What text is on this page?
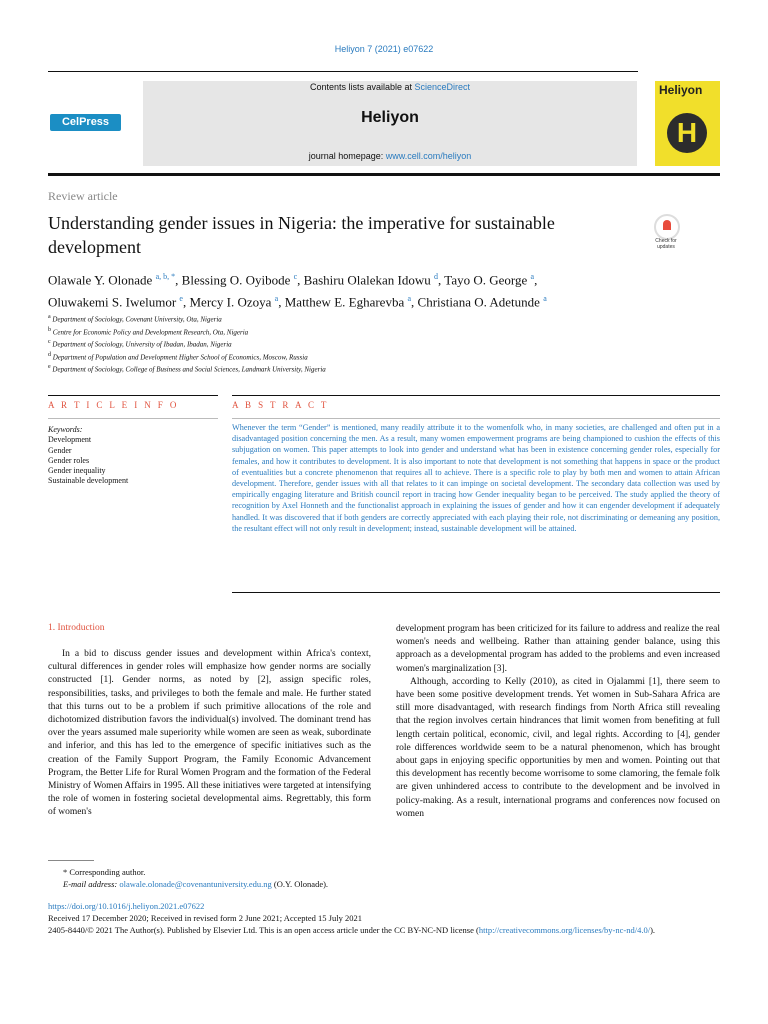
Heliyon 7 (2021) e07622
CelPress
Contents lists available at ScienceDirect
Heliyon
journal homepage: www.cell.com/heliyon
Heliyon
H
Review article
Understanding gender issues in Nigeria: the imperative for sustainable development	Check for updates
Olawale Y. Olonade $^{a, b, *}$, Blessing O. Oyibode $^c$, Bashiru Olalekan Idowu $^d$, Tayo O. George $^a$,
Oluwakemi S. Iwelumor $^e$, Mercy I. Ozoya $^a$, Matthew E. Egharevba $^a$, Christiana O. Adetunde $^a$
$^a$ Department of Sociology, Covenant University, Ota, Nigeria
$^b$ Centre for Economic Policy and Development Research, Ota, Nigeria
$^c$ Department of Sociology, University of Ibadan, Ibadan, Nigeria
$^d$ Department of Population and Development Higher School of Economics, Moscow, Russia
$^e$ Department of Sociology, College of Business and Social Sciences, Landmark University, Nigeria
A R T I C L E I N F O	A B S T R A C T
Keywords:
Development
Gender
Gender roles
Gender inequality
Sustainable development
Whenever the term “Gender” is mentioned, many readily attribute it to the womenfolk who, in many societies, are challenged and often put in a disadvantaged position concerning the men. As a result, many women empowerment programs are being championed to cushion the effects of this subjugation on women. This paper attempts to look into gender and understand what has been in existence concerning gender roles, especially for females, and how it contributes to development. It is also important to note that development is not something that happens in space or the product of eventualities but a concrete phenomenon that requires all to achieve. There is a specific role to play by both men and women to attain African development. Therefore, gender issues with all that relates to it can impinge on societal development. The secondary data collection was used by empirically engaging literature and British council report in tracing how Gender inequality began to be perceived. The study applied the theory of recognition by Axel Honneth and the functionalist approach in explaining the issues of gender and how it can engender development if adequately handled. It was discovered that if both genders are correctly appreciated with each playing their role, not discriminating or demeaning any position, the resultant effect will not only result in development; instead, sustainable development will be attained.
1. Introduction
In a bid to discuss gender issues and development within Africa's context, cultural differences in gender roles will emphasize how gender norms are socially constructed [1]. Gender norms, as noted by [2], assign specific roles, responsibilities, tasks, and privileges to both the female and male. He further stated that this turns out to be a problem if such primitive allocations of the role and dichotomized distribution favors the individual(s) involved. The dominant trend has over the years assumed male superiority while women are seen as weak, subordinate and inferior, and this has led to the emergence of specific initiatives such as the creation of the Family Support Program, the Family Economic Advancement Program, the Better Life for Rural Women Program and the formation of the Federal Ministry of Women Affairs in 1995. All these initiatives were targeted at intensifying the role of women in fostering societal developmental aims. Regrettably, this form of women's

development program has been criticized for its failure to address and realize the real women's needs and wellbeing. Rather than attaining gender balance, using this approach as a developmental program has added to the problems and even increased women's marginalization [3].

Although, according to Kelly (2010), as cited in Ojalammi [1], there seem to have been some positive development trends. Yet women in Sub-Sahara Africa are still more disadvantaged, with research findings from North Africa still revealing that the region involves certain hindrances that limit women from benefiting at full length certain political, economic, civil, and legal rights. According to [4], gender role differences worldwide seem to be a natural phenomenon, which has brought about gaps in enjoying specific opportunities by men and women. Pointing out that this development has recently become worrisome to some clamoring, the female folk are given unhindered access to contribute to the development and be involved in policy-making. As a result, international programs and conferences now focused on women

* Corresponding author.
E-mail address: olawale.olonade@covenantuniversity.edu.ng (O.Y. Olonade).
https://doi.org/10.1016/j.heliyon.2021.e07622
Received 17 December 2020; Received in revised form 2 June 2021; Accepted 15 July 2021
2405-8440/© 2021 The Author(s). Published by Elsevier Ltd. This is an open access article under the CC BY-NC-ND license (http://creativecommons.org/licenses/by-nc-nd/4.0/).
